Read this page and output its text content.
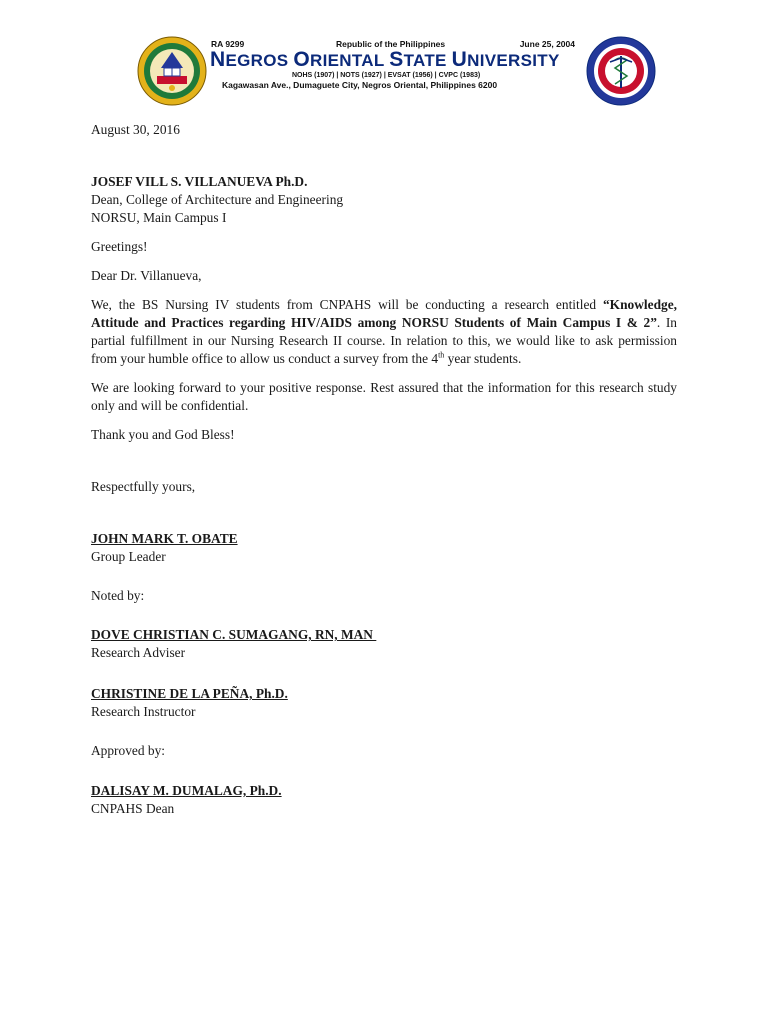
RA 9299	Republic of the Philippines	June 25, 2004
NEGROS ORIENTAL STATE UNIVERSITY
NOHS (1907) | NOTS (1927) | EVSAT (1956) | CVPC (1983)
Kagawasan Ave., Dumaguete City, Negros Oriental, Philippines 6200

August 30, 2016

JOSEF VILL S. VILLANUEVA Ph.D.

Dean, College of Architecture and Engineering

NORSU, Main Campus I

Greetings!

Dear Dr. Villanueva,

We, the BS Nursing IV students from CNPAHS will be conducting a research entitled “Knowledge, Attitude and Practices regarding HIV/AIDS among NORSU Students of Main Campus I & 2”. In partial fulfillment in our Nursing Research II course. In relation to this, we would like to ask permission from your humble office to allow us conduct a survey from the 4th year students.

We are looking forward to your positive response. Rest assured that the information for this research study only and will be confidential.

Thank you and God Bless!

Respectfully yours,

JOHN MARK T. OBATE

Group Leader

Noted by:

DOVE CHRISTIAN C. SUMAGANG, RN, MAN

Research Adviser

CHRISTINE DE LA PEÑA, Ph.D.

Research Instructor

Approved by:

DALISAY M. DUMALAG, Ph.D.

CNPAHS Dean
